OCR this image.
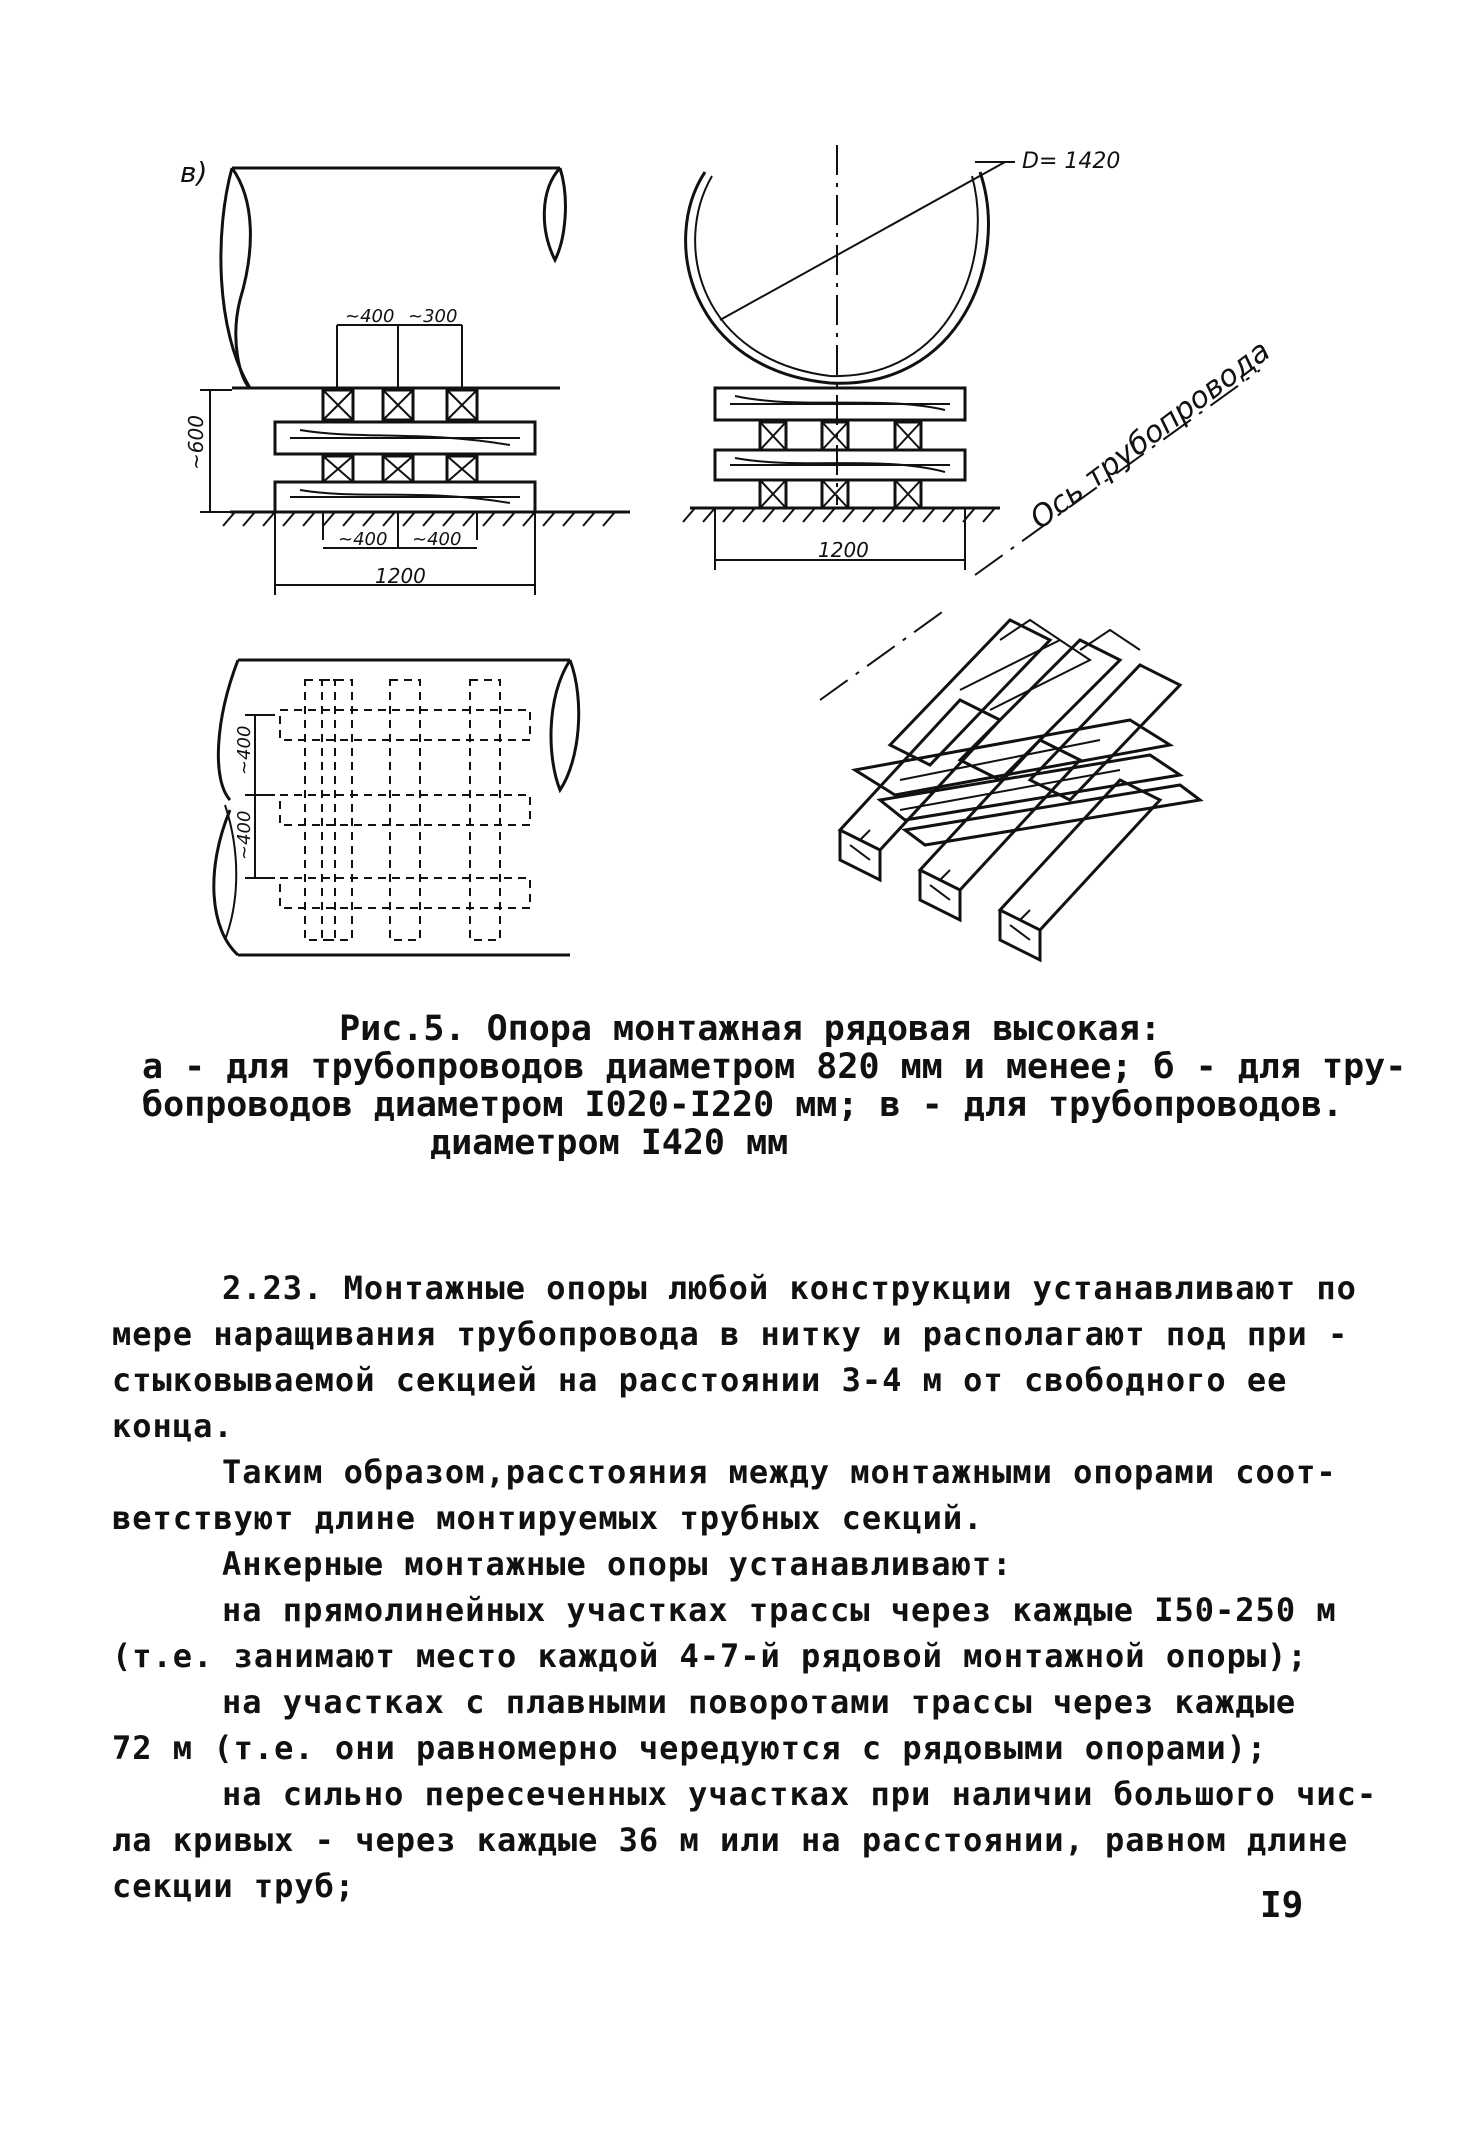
в)	D= 1420
~400 ~300
~600
~400 ~400
1200
1200
Ось трубопровода
~400
~400
Рис.5. Опора монтажная рядовая высокая:
а - для трубопроводов диаметром 820 мм и менее; б - для тру-
бопроводов диаметром I020-I220 мм; в - для трубопроводов.
диаметром I420 мм
2.23. Монтажные опоры любой конструкции устанавливают по
мере наращивания трубопровода в нитку и располагают под при -
стыковываемой секцией на расстоянии 3-4 м от свободного ее
конца.
Таким образом,расстояния между монтажными опорами соот-
ветствуют длине монтируемых трубных секций.
Анкерные монтажные опоры устанавливают:
на прямолинейных участках трассы через каждые I50-250 м
(т.е. занимают место каждой 4-7-й рядовой монтажной опоры);
на участках с плавными поворотами трассы через каждые
72 м (т.е. они равномерно чередуются с рядовыми опорами);
на сильно пересеченных участках при наличии большого чис-
ла кривых - через каждые 36 м или на расстоянии, равном длине
секции труб;	I9
